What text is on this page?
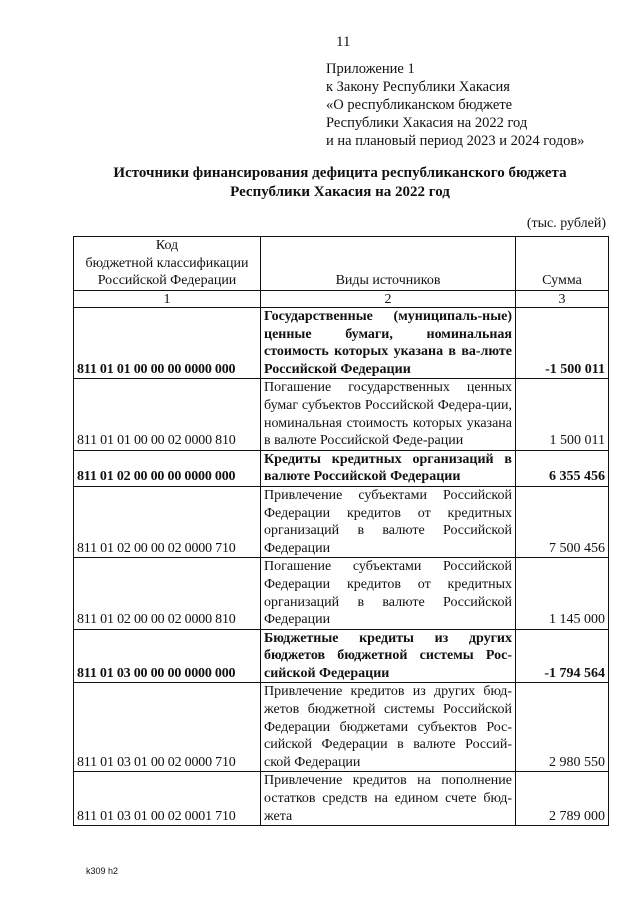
11
Приложение 1
к Закону Республики Хакасия
«О республиканском бюджете
Республики Хакасия на 2022 год
и на плановый период 2023 и 2024 годов»
Источники финансирования дефицита республиканского бюджета
Республики Хакасия на 2022 год
(тыс. рублей)
Код
бюджетной классификации
Российской Федерации	Виды источников	Сумма
1	2	3
811 01 01 00 00 00 0000 000	Государственные (муниципаль-ные) ценные бумаги, номинальная стоимость которых указана в ва-люте Российской Федерации	-1 500 011
811 01 01 00 00 02 0000 810	Погашение государственных ценных бумаг субъектов Российской Федера-ции, номинальная стоимость которых указана в валюте Российской Феде-рации	1 500 011
811 01 02 00 00 00 0000 000	Кредиты кредитных организаций в валюте Российской Федерации	6 355 456
811 01 02 00 00 02 0000 710	Привлечение субъектами Российской Федерации кредитов от кредитных организаций в валюте Российской Федерации	7 500 456
811 01 02 00 00 02 0000 810	Погашение субъектами Российской Федерации кредитов от кредитных организаций в валюте Российской Федерации	1 145 000
811 01 03 00 00 00 0000 000	Бюджетные кредиты из других бюджетов бюджетной системы Рос-сийской Федерации	-1 794 564
811 01 03 01 00 02 0000 710	Привлечение кредитов из других бюд-жетов бюджетной системы Российской Федерации бюджетами субъектов Рос-сийской Федерации в валюте Россий-ской Федерации	2 980 550
811 01 03 01 00 02 0001 710	Привлечение кредитов на пополнение остатков средств на едином счете бюд-жета	2 789 000
k309 h2
